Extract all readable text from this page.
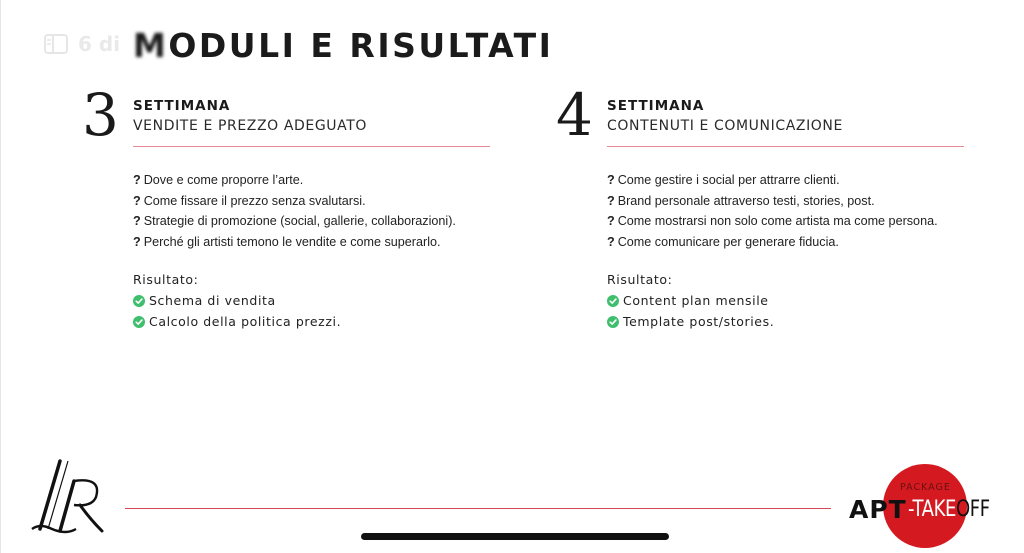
6 di MODULI E RISULTATI
3 SETTIMANA
VENDITE E PREZZO ADEGUATO
? Dove e come proporre l’arte.
? Come fissare il prezzo senza svalutarsi.
? Strategie di promozione (social, gallerie, collaborazioni).
? Perché gli artisti temono le vendite e come superarlo.
Risultato:
Schema di vendita
Calcolo della politica prezzi.
4 SETTIMANA
CONTENUTI E COMUNICAZIONE
? Come gestire i social per attrarre clienti.
? Brand personale attraverso testi, stories, post.
? Come mostrarsi non solo come artista ma come persona.
? Come comunicare per generare fiducia.
Risultato:
Content plan mensile
Template post/stories.
PACKAGE
APT -TAKEOFF
